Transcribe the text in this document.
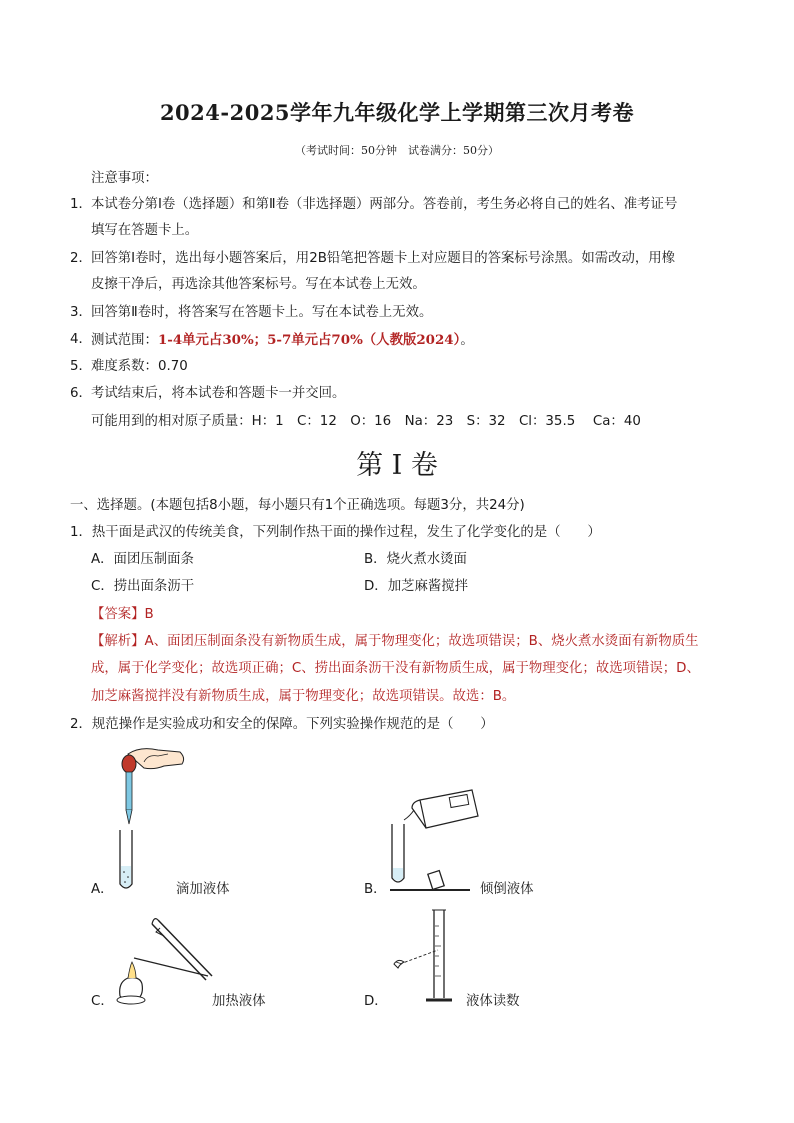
2024-2025学年九年级化学上学期第三次月考卷
（考试时间：50分钟　试卷满分：50分）
注意事项：
1． 本试卷分第Ⅰ卷（选择题）和第Ⅱ卷（非选择题）两部分。答卷前，考生务必将自己的姓名、准考证号
填写在答题卡上。
2． 回答第Ⅰ卷时，选出每小题答案后，用2B铅笔把答题卡上对应题目的答案标号涂黑。如需改动，用橡
皮擦干净后，再选涂其他答案标号。写在本试卷上无效。
3． 回答第Ⅱ卷时，将答案写在答题卡上。写在本试卷上无效。
4． 测试范围：1-4单元占30%；5-7单元占70%（人教版2024）。
5． 难度系数：0.70
6． 考试结束后，将本试卷和答题卡一并交回。
可能用到的相对原子质量：H：1　C：12　O：16　Na：23　S：32　Cl：35.5　 Ca：40
第 I 卷
一、选择题。(本题包括8小题，每小题只有1个正确选项。每题3分，共24分)
1．热干面是武汉的传统美食，下列制作热干面的操作过程，发生了化学变化的是（　　）
A．面团压制面条	B．烧火煮水烫面
C．捞出面条沥干	D．加芝麻酱搅拌
【答案】B
【解析】A、面团压制面条没有新物质生成，属于物理变化；故选项错误；B、烧火煮水烫面有新物质生
成，属于化学变化；故选项正确；C、捞出面条沥干没有新物质生成，属于物理变化；故选项错误；D、
加芝麻酱搅拌没有新物质生成，属于物理变化；故选项错误。故选：B。
2．规范操作是实验成功和安全的保障。下列实验操作规范的是（　　）
A．	滴加液体	B．	倾倒液体
C．	加热液体	D．	液体读数
